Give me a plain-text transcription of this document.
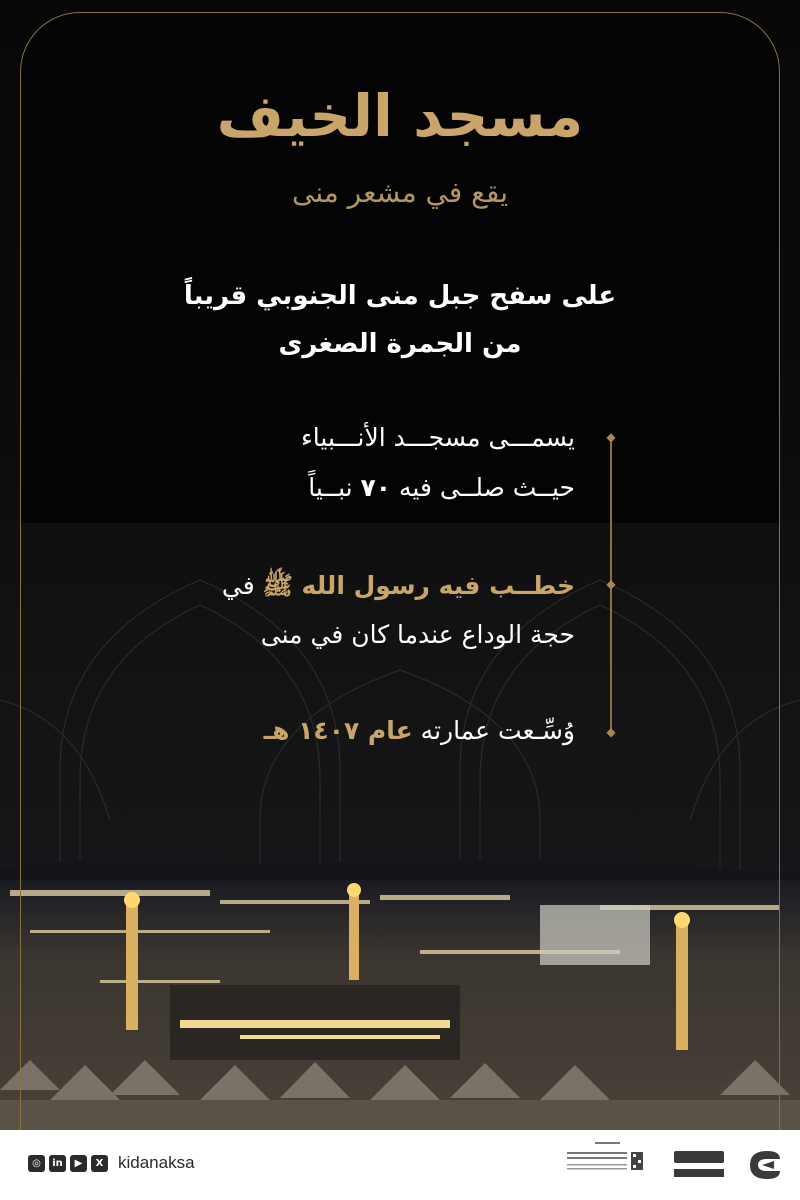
مسجد الخيف
يقع في مشعر منى
على سفح جبل منى الجنوبي قريباً
من الجمرة الصغرى
◆
◆
◆
يسمـــى مسجـــد الأنـــبياء
حيــث صلــى فيه ٧٠ نبــياً
خطــب فيه رسول الله ﷺ في
حجة الوداع عندما كان في منى
وُسِّـعت عمارته عام ١٤٠٧ هـ
◎	in	▶	X kidanaksa
